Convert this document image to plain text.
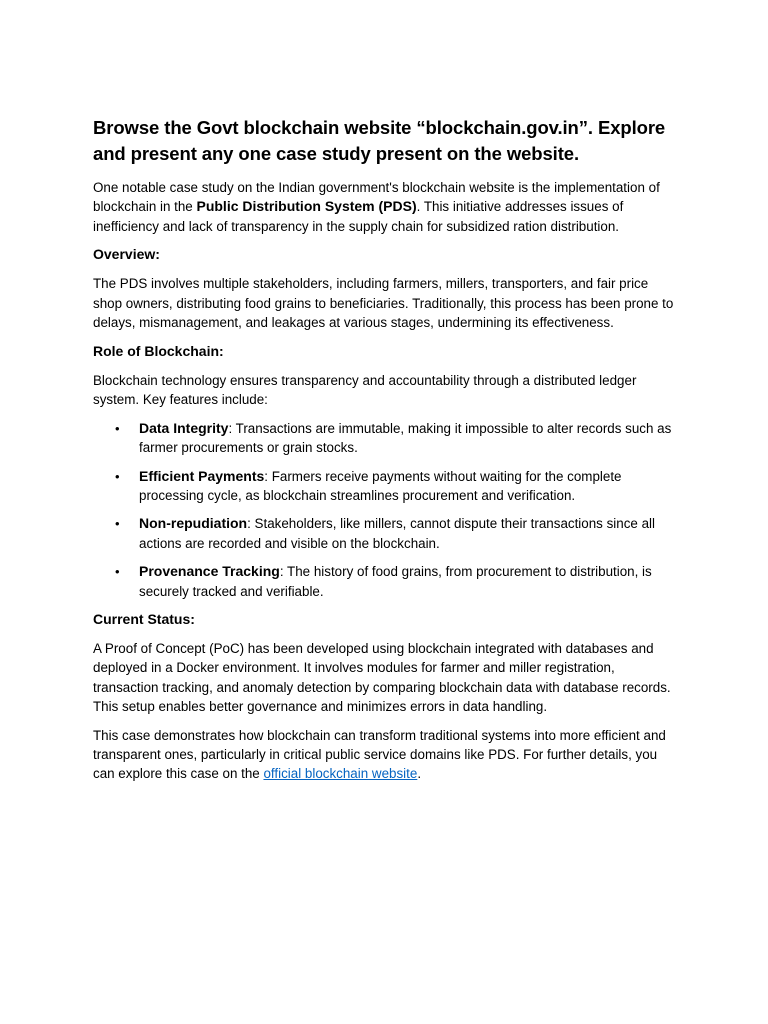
Browse the Govt blockchain website “blockchain.gov.in”. Explore and present any one case study present on the website.

One notable case study on the Indian government's blockchain website is the implementation of blockchain in the Public Distribution System (PDS). This initiative addresses issues of inefficiency and lack of transparency in the supply chain for subsidized ration distribution.

Overview:

The PDS involves multiple stakeholders, including farmers, millers, transporters, and fair price shop owners, distributing food grains to beneficiaries. Traditionally, this process has been prone to delays, mismanagement, and leakages at various stages, undermining its effectiveness.

Role of Blockchain:

Blockchain technology ensures transparency and accountability through a distributed ledger system. Key features include:

• Data Integrity: Transactions are immutable, making it impossible to alter records such as farmer procurements or grain stocks.
• Efficient Payments: Farmers receive payments without waiting for the complete processing cycle, as blockchain streamlines procurement and verification.
• Non-repudiation: Stakeholders, like millers, cannot dispute their transactions since all actions are recorded and visible on the blockchain.
• Provenance Tracking: The history of food grains, from procurement to distribution, is securely tracked and verifiable.
Current Status:

A Proof of Concept (PoC) has been developed using blockchain integrated with databases and deployed in a Docker environment. It involves modules for farmer and miller registration, transaction tracking, and anomaly detection by comparing blockchain data with database records. This setup enables better governance and minimizes errors in data handling.

This case demonstrates how blockchain can transform traditional systems into more efficient and transparent ones, particularly in critical public service domains like PDS. For further details, you can explore this case on the official blockchain website.
